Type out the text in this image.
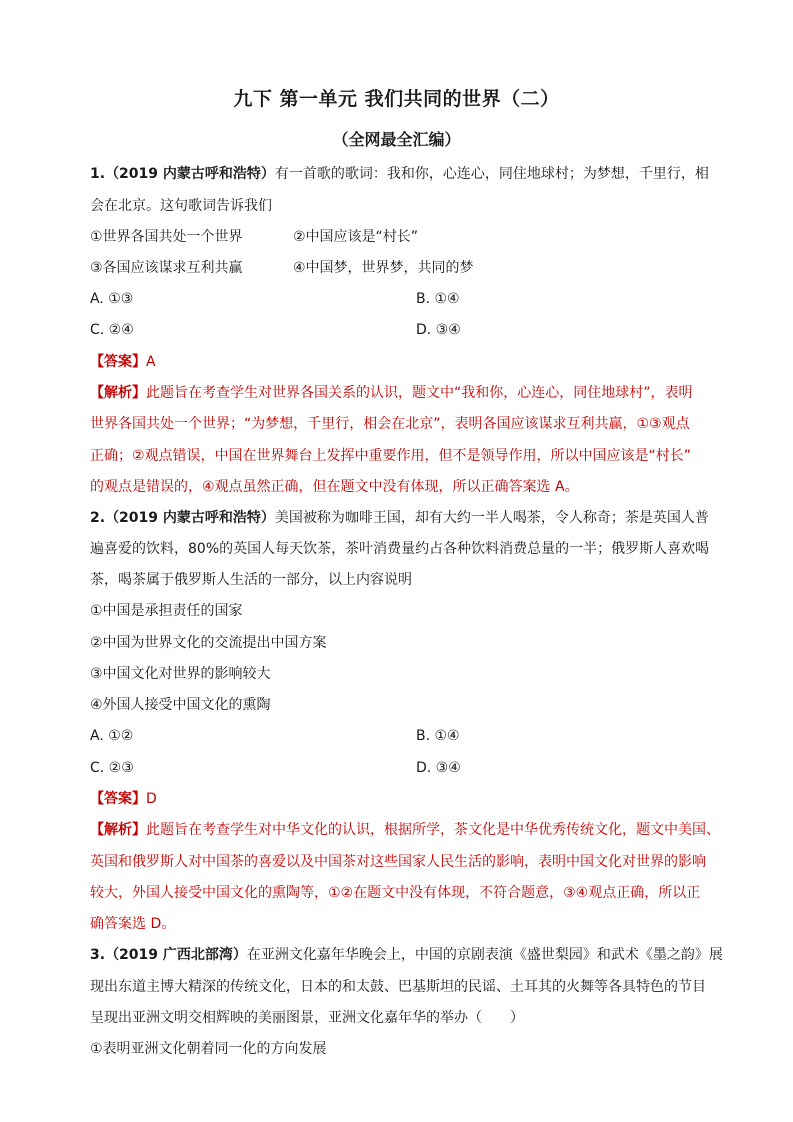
九下 第一单元 我们共同的世界（二）
（全网最全汇编）
1.（2019 内蒙古呼和浩特）有一首歌的歌词：我和你，心连心，同住地球村；为梦想，千里行，相
会在北京。这句歌词告诉我们
①世界各国共处一个世界	②中国应该是“村长”
③各国应该谋求互利共赢	④中国梦，世界梦，共同的梦
A. ①③	B. ①④
C. ②④	D. ③④
【答案】A
【解析】此题旨在考查学生对世界各国关系的认识，题文中“我和你，心连心，同住地球村”，表明
世界各国共处一个世界；“为梦想，千里行，相会在北京”，表明各国应该谋求互利共赢，①③观点
正确；②观点错误，中国在世界舞台上发挥中重要作用，但不是领导作用，所以中国应该是“村长”
的观点是错误的，④观点虽然正确，但在题文中没有体现，所以正确答案选 A。
2.（2019 内蒙古呼和浩特）美国被称为咖啡王国，却有大约一半人喝茶，令人称奇；茶是英国人普
遍喜爱的饮料，80%的英国人每天饮茶，茶叶消费量约占各种饮料消费总量的一半；俄罗斯人喜欢喝
茶，喝茶属于俄罗斯人生活的一部分，以上内容说明
①中国是承担责任的国家
②中国为世界文化的交流提出中国方案
③中国文化对世界的影响较大
④外国人接受中国文化的熏陶
A. ①②	B. ①④
C. ②③	D. ③④
【答案】D
【解析】此题旨在考查学生对中华文化的认识，根据所学，茶文化是中华优秀传统文化，题文中美国、
英国和俄罗斯人对中国茶的喜爱以及中国茶对这些国家人民生活的影响，表明中国文化对世界的影响
较大，外国人接受中国文化的熏陶等，①②在题文中没有体现，不符合题意，③④观点正确，所以正
确答案选 D。
3.（2019 广西北部湾）在亚洲文化嘉年华晚会上，中国的京剧表演《盛世梨园》和武术《墨之韵》展
现出东道主博大精深的传统文化，日本的和太鼓、巴基斯坦的民谣、土耳其的火舞等各具特色的节目
呈现出亚洲文明交相辉映的美丽图景，亚洲文化嘉年华的举办（　　）
①表明亚洲文化朝着同一化的方向发展
